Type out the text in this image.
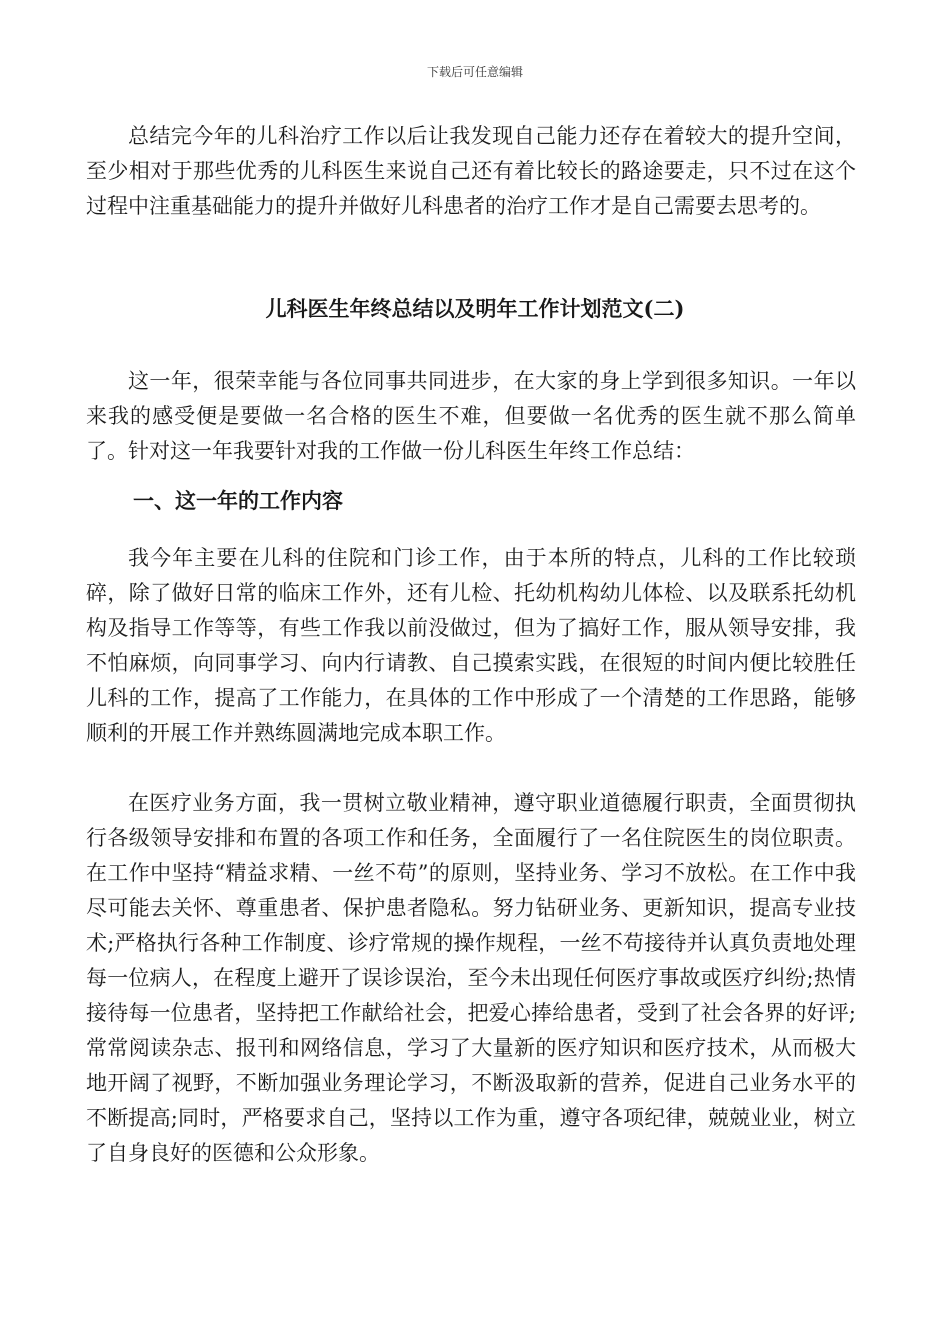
下载后可任意编辑

总结完今年的儿科治疗工作以后让我发现自己能力还存在着较大的提升空间，至少相对于那些优秀的儿科医生来说自己还有着比较长的路途要走，只不过在这个过程中注重基础能力的提升并做好儿科患者的治疗工作才是自己需要去思考的。

儿科医生年终总结以及明年工作计划范文(二)

这一年，很荣幸能与各位同事共同进步，在大家的身上学到很多知识。一年以来我的感受便是要做一名合格的医生不难，但要做一名优秀的医生就不那么简单了。针对这一年我要针对我的工作做一份儿科医生年终工作总结：

一、这一年的工作内容

我今年主要在儿科的住院和门诊工作，由于本所的特点，儿科的工作比较琐碎，除了做好日常的临床工作外，还有儿检、托幼机构幼儿体检、以及联系托幼机构及指导工作等等，有些工作我以前没做过，但为了搞好工作，服从领导安排，我不怕麻烦，向同事学习、向内行请教、自己摸索实践，在很短的时间内便比较胜任儿科的工作，提高了工作能力，在具体的工作中形成了一个清楚的工作思路，能够顺利的开展工作并熟练圆满地完成本职工作。

在医疗业务方面，我一贯树立敬业精神，遵守职业道德履行职责，全面贯彻执行各级领导安排和布置的各项工作和任务，全面履行了一名住院医生的岗位职责。在工作中坚持“精益求精、一丝不苟”的原则，坚持业务、学习不放松。在工作中我尽可能去关怀、尊重患者、保护患者隐私。努力钻研业务、更新知识，提高专业技术;严格执行各种工作制度、诊疗常规的操作规程，一丝不苟接待并认真负责地处理每一位病人，在程度上避开了误诊误治，至今未出现任何医疗事故或医疗纠纷;热情接待每一位患者，坚持把工作献给社会，把爱心捧给患者，受到了社会各界的好评;常常阅读杂志、报刊和网络信息，学习了大量新的医疗知识和医疗技术，从而极大地开阔了视野，不断加强业务理论学习，不断汲取新的营养，促进自己业务水平的不断提高;同时，严格要求自己，坚持以工作为重，遵守各项纪律，兢兢业业，树立了自身良好的医德和公众形象。
